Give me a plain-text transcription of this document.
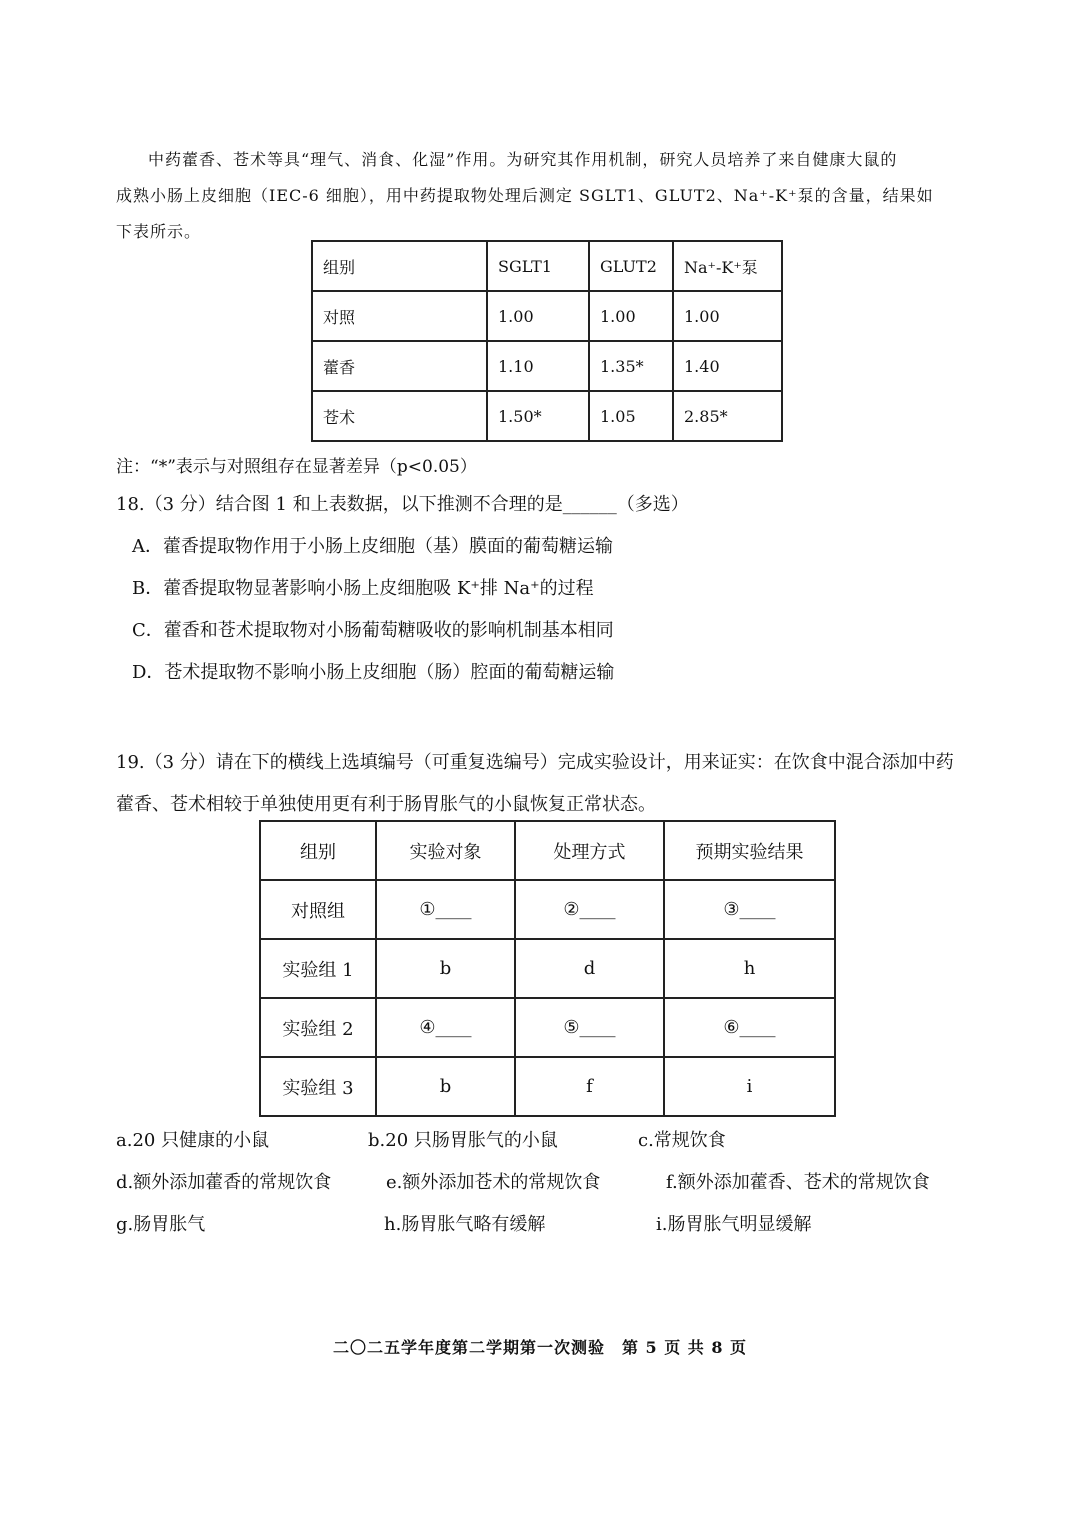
中药藿香、苍术等具“理气、消食、化湿”作用。为研究其作用机制，研究人员培养了来自健康大鼠的

成熟小肠上皮细胞（IEC-6 细胞），用中药提取物处理后测定 SGLT1、GLUT2、Na⁺-K⁺泵的含量，结果如
下表所示。
组别	SGLT1	GLUT2	Na⁺-K⁺泵
对照	1.00	1.00	1.00
藿香	1.10	1.35*	1.40
苍术	1.50*	1.05	2.85*
注：“*”表示与对照组存在显著差异（p<0.05）
18.（3 分）结合图 1 和上表数据，以下推测不合理的是______（多选）
A．藿香提取物作用于小肠上皮细胞（基）膜面的葡萄糖运输
B．藿香提取物显著影响小肠上皮细胞吸 K⁺排 Na⁺的过程
C．藿香和苍术提取物对小肠葡萄糖吸收的影响机制基本相同
D．苍术提取物不影响小肠上皮细胞（肠）腔面的葡萄糖运输

19.（3 分）请在下的横线上选填编号（可重复选编号）完成实验设计，用来证实：在饮食中混合添加中药

藿香、苍术相较于单独使用更有利于肠胃胀气的小鼠恢复正常状态。

组别	实验对象	处理方式	预期实验结果
对照组	①____	②____	③____
实验组 1	b	d	h
实验组 2	④____	⑤____	⑥____
实验组 3	b	f	i
a.20 只健康的小鼠	b.20 只肠胃胀气的小鼠	c.常规饮食
d.额外添加藿香的常规饮食	e.额外添加苍术的常规饮食	f.额外添加藿香、苍术的常规饮食
g.肠胃胀气	h.肠胃胀气略有缓解	i.肠胃胀气明显缓解
二〇二五学年度第二学期第一次测验　第 5 页 共 8 页
